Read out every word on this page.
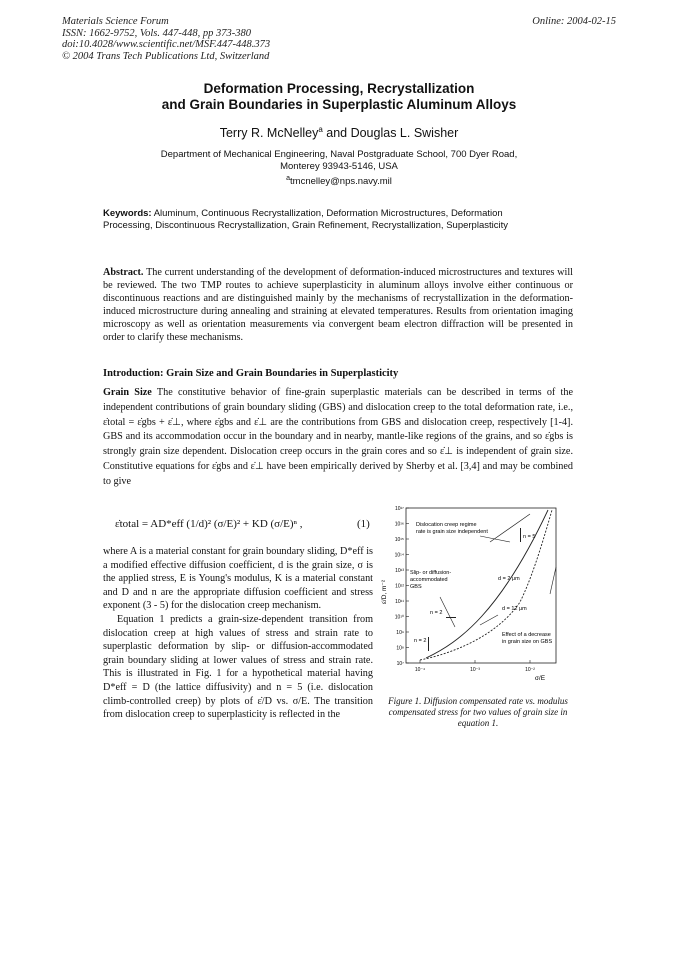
Materials Science Forum
ISSN: 1662-9752, Vols. 447-448, pp 373-380
doi:10.4028/www.scientific.net/MSF.447-448.373
© 2004 Trans Tech Publications Ltd, Switzerland
Online: 2004-02-15
Deformation Processing, Recrystallization
and Grain Boundaries in Superplastic Aluminum Alloys
Terry R. McNelley$^a$ and Douglas L. Swisher
Department of Mechanical Engineering, Naval Postgraduate School, 700 Dyer Road,
Monterey 93943-5146, USA
$^a$tmcnelley@nps.navy.mil
Keywords: Aluminum, Continuous Recrystallization, Deformation Microstructures, Deformation Processing, Discontinuous Recrystallization, Grain Refinement, Recrystallization, Superplasticity
Abstract. The current understanding of the development of deformation-induced microstructures and textures will be reviewed. The two TMP routes to achieve superplasticity in aluminum alloys involve either continuous or discontinuous reactions and are distinguished mainly by the mechanisms of recrystallization in the deformation-induced microstructure during annealing and straining at elevated temperatures. Results from orientation imaging microscopy as well as orientation measurements via convergent beam electron diffraction will be presented in order to clarify these mechanisms.
Introduction: Grain Size and Grain Boundaries in Superplasticity
Grain Size The constitutive behavior of fine-grain superplastic materials can be described in terms of the independent contributions of grain boundary sliding (GBS) and dislocation creep to the total deformation rate, i.e., ε̇total = ε̇gbs + ε̇⊥, where ε̇gbs and ε̇⊥ are the contributions from GBS and dislocation creep, respectively [1-4]. GBS and its accommodation occur in the boundary and in nearby, mantle-like regions of the grains, and so ε̇gbs is strongly grain size dependent. Dislocation creep occurs in the grain cores and so ε̇⊥ is independent of grain size. Constitutive equations for ε̇gbs and ε̇⊥ have been empirically derived by Sherby et al. [3,4] and may be combined to give
ε̇total = AD*eff (1/d)² (σ/E)² + KD (σ/E)ⁿ ,	(1)

where A is a material constant for grain boundary sliding, D*eff is a modified effective diffusion coefficient, d is the grain size, σ is the applied stress, E is Young's modulus, K is a material constant and D and n are the appropriate diffusion coefficient and stress exponent (3 - 5) for the dislocation creep mechanism.

Equation 1 predicts a grain-size-dependent transition from dislocation creep at high values of stress and strain rate to superplastic deformation by slip- or diffusion-accommodated grain boundary sliding at lower values of stress and strain rate. This is illustrated in Fig. 1 for a hypothetical material having D*eff = D (the lattice diffusivity) and n = 5 (i.e. dislocation climb-controlled creep) by plots of ε̇/D vs. σ/E. The transition from dislocation creep to superplasticity is reflected in the

10¹⁷
10¹⁶
10¹⁵
10¹⁴
10¹³
10¹²
10¹¹
10¹⁰
10⁹
10⁸
10⁷
10⁻⁴	10⁻³	10⁻²
ε̇/D, m⁻²
σ/E
Dislocation creep regime
rate is grain size independent
n = 5
Slip- or diffusion-
accommodated
GBS
d = 2 μm
n = 2
d = 12 μm
n = 2
Effect of a decrease
in grain size on GBS
Figure 1. Diffusion compensated rate vs. modulus compensated stress for two values of grain size in equation 1.
